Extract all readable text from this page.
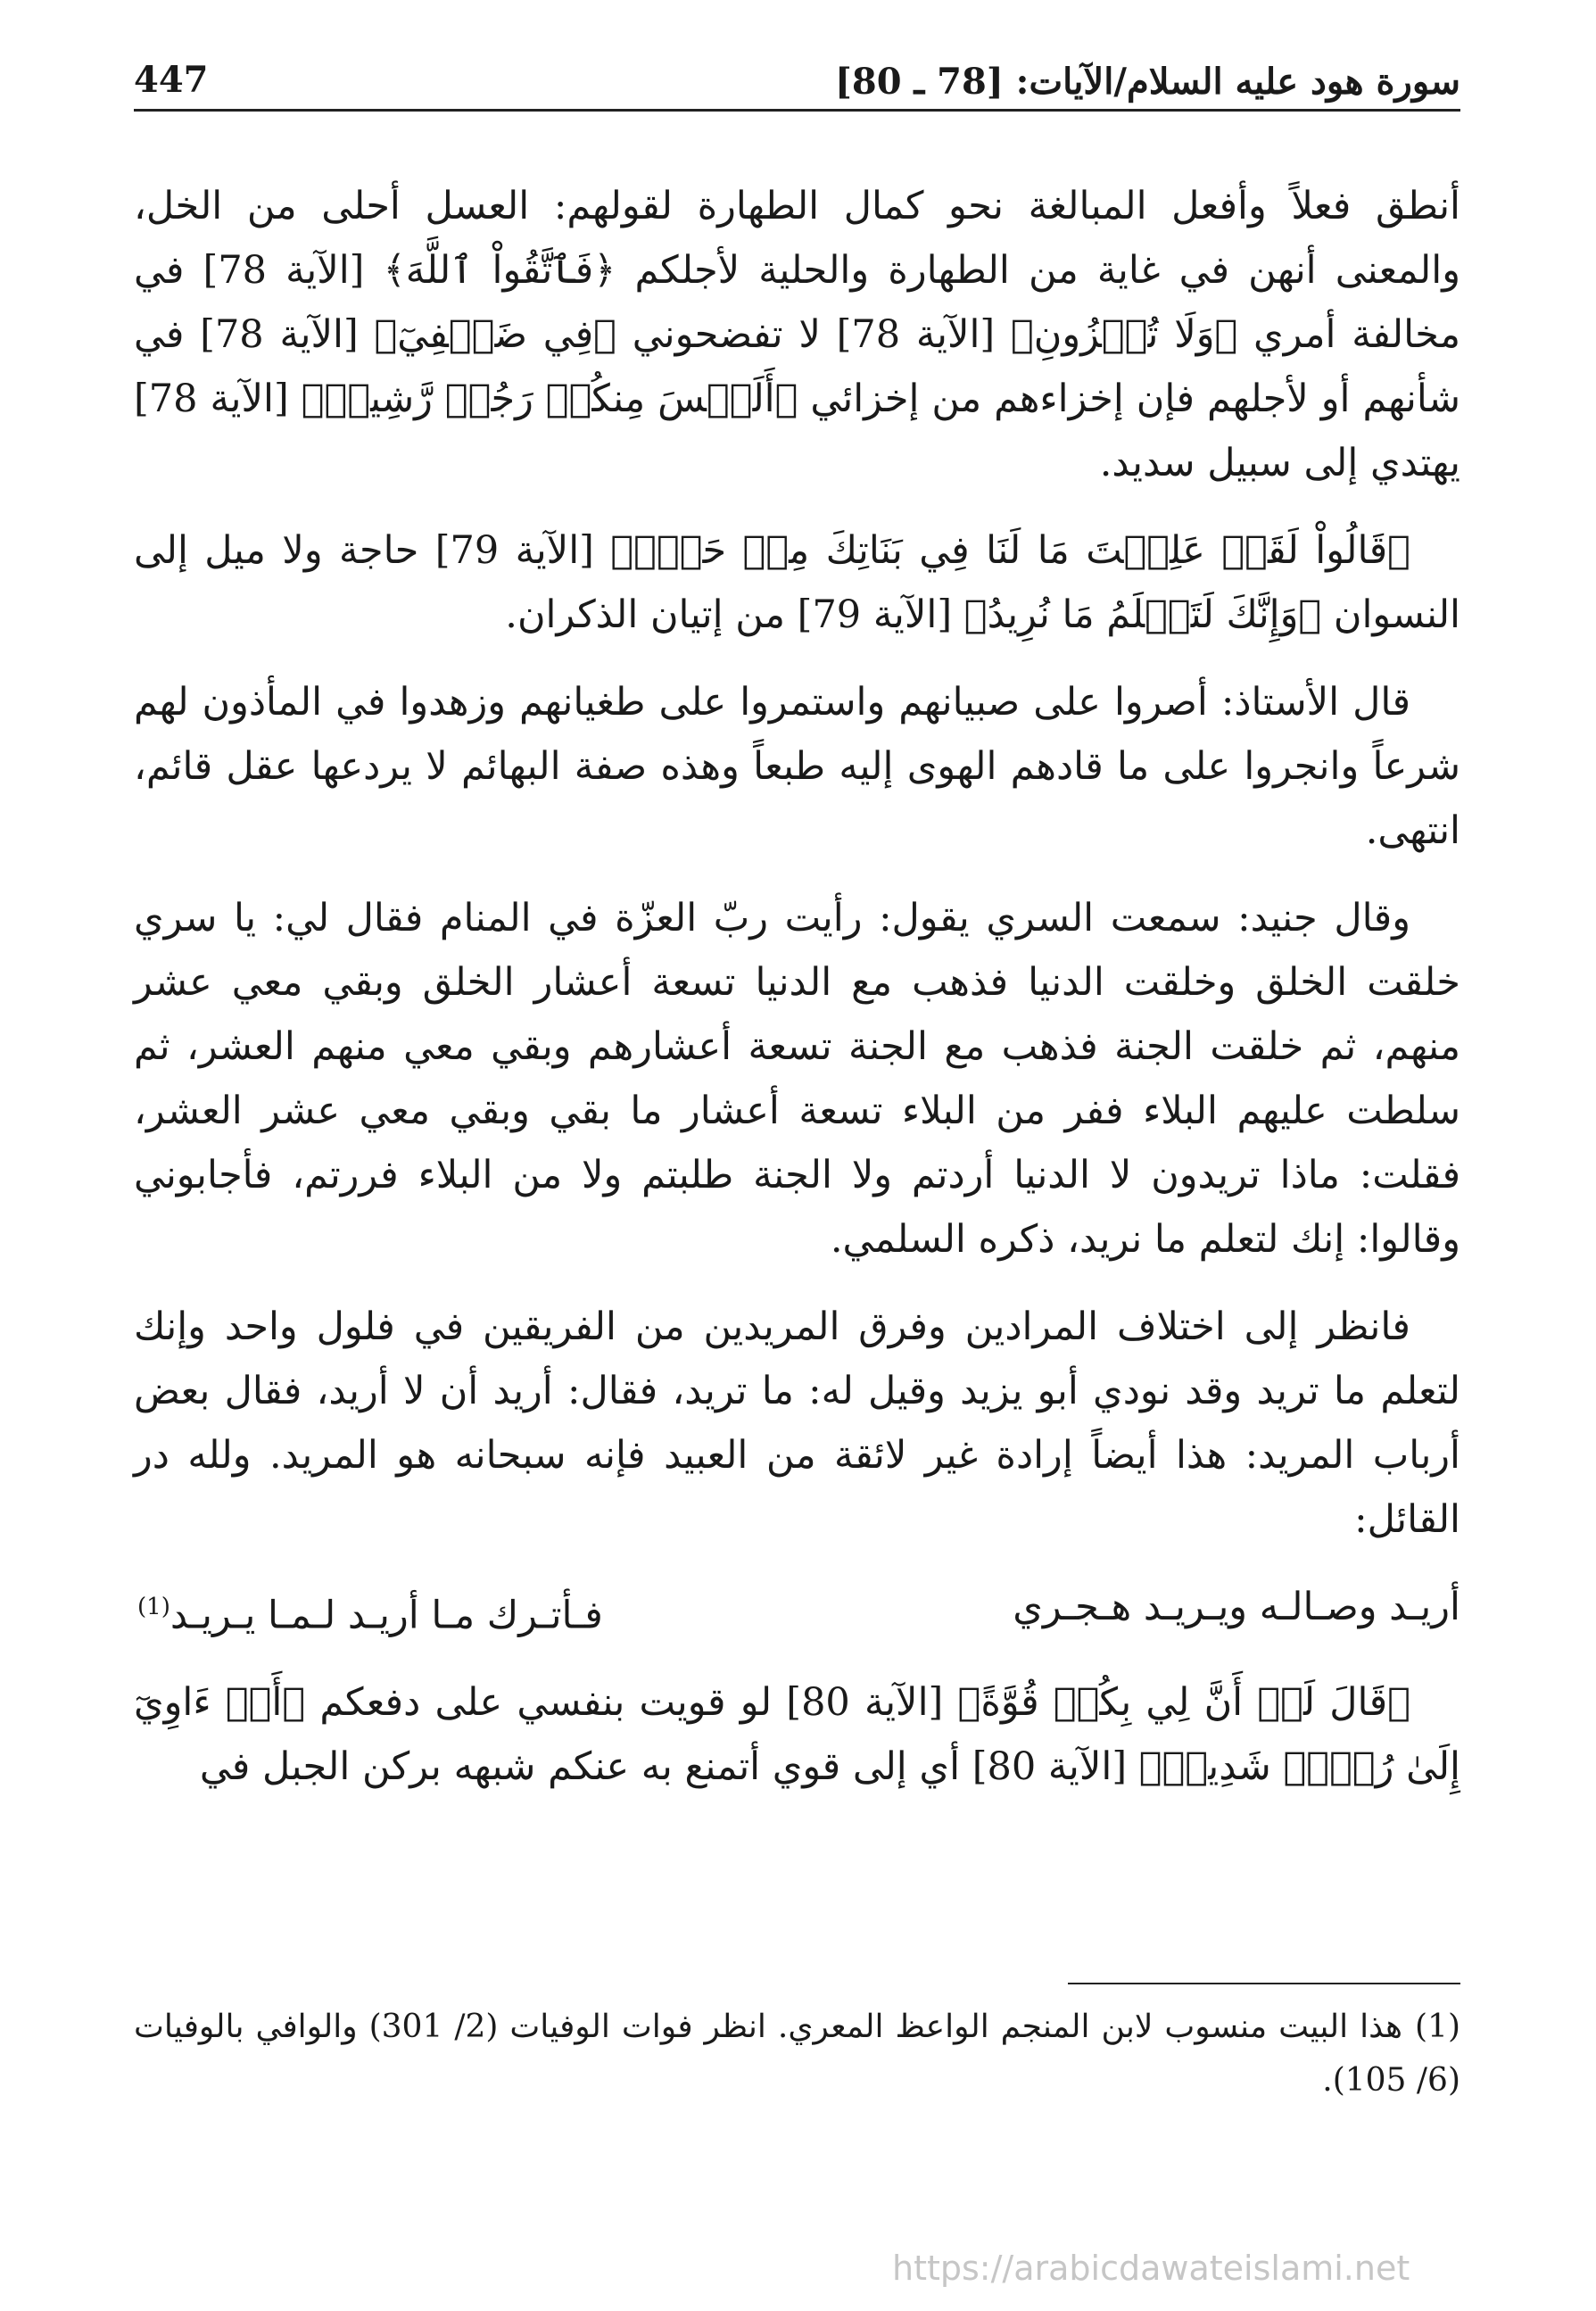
سورة هود عليه السلام/الآيات: [78 ـ 80]
447

أنطق فعلاً وأفعل المبالغة نحو كمال الطهارة لقولهم: العسل أحلى من الخل، والمعنى أنهن في غاية من الطهارة والحلية لأجلكم ﴿فَٱتَّقُواْ ٱللَّهَ﴾ [الآية 78] في مخالفة أمري ﴿وَلَا تُخۡزُونِ﴾ [الآية 78] لا تفضحوني ﴿فِي ضَيۡفِيٓ﴾ [الآية 78] في شأنهم أو لأجلهم فإن إخزاءهم من إخزائي ﴿أَلَيۡسَ مِنكُمۡ رَجُلٞ رَّشِيدٞ﴾ [الآية 78] يهتدي إلى سبيل سديد.

﴿قَالُواْ لَقَدۡ عَلِمۡتَ مَا لَنَا فِي بَنَاتِكَ مِنۡ حَقّٖ﴾ [الآية 79] حاجة ولا ميل إلى النسوان ﴿وَإِنَّكَ لَتَعۡلَمُ مَا نُرِيدُ﴾ [الآية 79] من إتيان الذكران.

قال الأستاذ: أصروا على صبيانهم واستمروا على طغيانهم وزهدوا في المأذون لهم شرعاً وانجروا على ما قادهم الهوى إليه طبعاً وهذه صفة البهائم لا يردعها عقل قائم، انتهى.

وقال جنيد: سمعت السري يقول: رأيت ربّ العزّة في المنام فقال لي: يا سري خلقت الخلق وخلقت الدنيا فذهب مع الدنيا تسعة أعشار الخلق وبقي معي عشر منهم، ثم خلقت الجنة فذهب مع الجنة تسعة أعشارهم وبقي معي منهم العشر، ثم سلطت عليهم البلاء ففر من البلاء تسعة أعشار ما بقي وبقي معي عشر العشر، فقلت: ماذا تريدون لا الدنيا أردتم ولا الجنة طلبتم ولا من البلاء فررتم، فأجابوني وقالوا: إنك لتعلم ما نريد، ذكره السلمي.

فانظر إلى اختلاف المرادين وفرق المريدين من الفريقين في فلول واحد وإنك لتعلم ما تريد وقد نودي أبو يزيد وقيل له: ما تريد، فقال: أريد أن لا أريد، فقال بعض أرباب المريد: هذا أيضاً إرادة غير لائقة من العبيد فإنه سبحانه هو المريد. ولله در القائل:

أريـد وصـالـه ويـريـد هـجـري
فـأتـرك مـا أريـد لـمـا يـريـد$^{(1)}$

﴿قَالَ لَوۡ أَنَّ لِي بِكُمۡ قُوَّةً﴾ [الآية 80] لو قويت بنفسي على دفعكم ﴿أَوۡ ءَاوِيٓ إِلَىٰ رُكۡنٖ شَدِيدٖ﴾ [الآية 80] أي إلى قوي أتمنع به عنكم شبهه بركن الجبل في

(1)هذا البيت منسوب لابن المنجم الواعظ المعري. انظر فوات الوفيات (2/ 301) والوافي بالوفيات (6/ 105).
https://arabicdawateislami.net
